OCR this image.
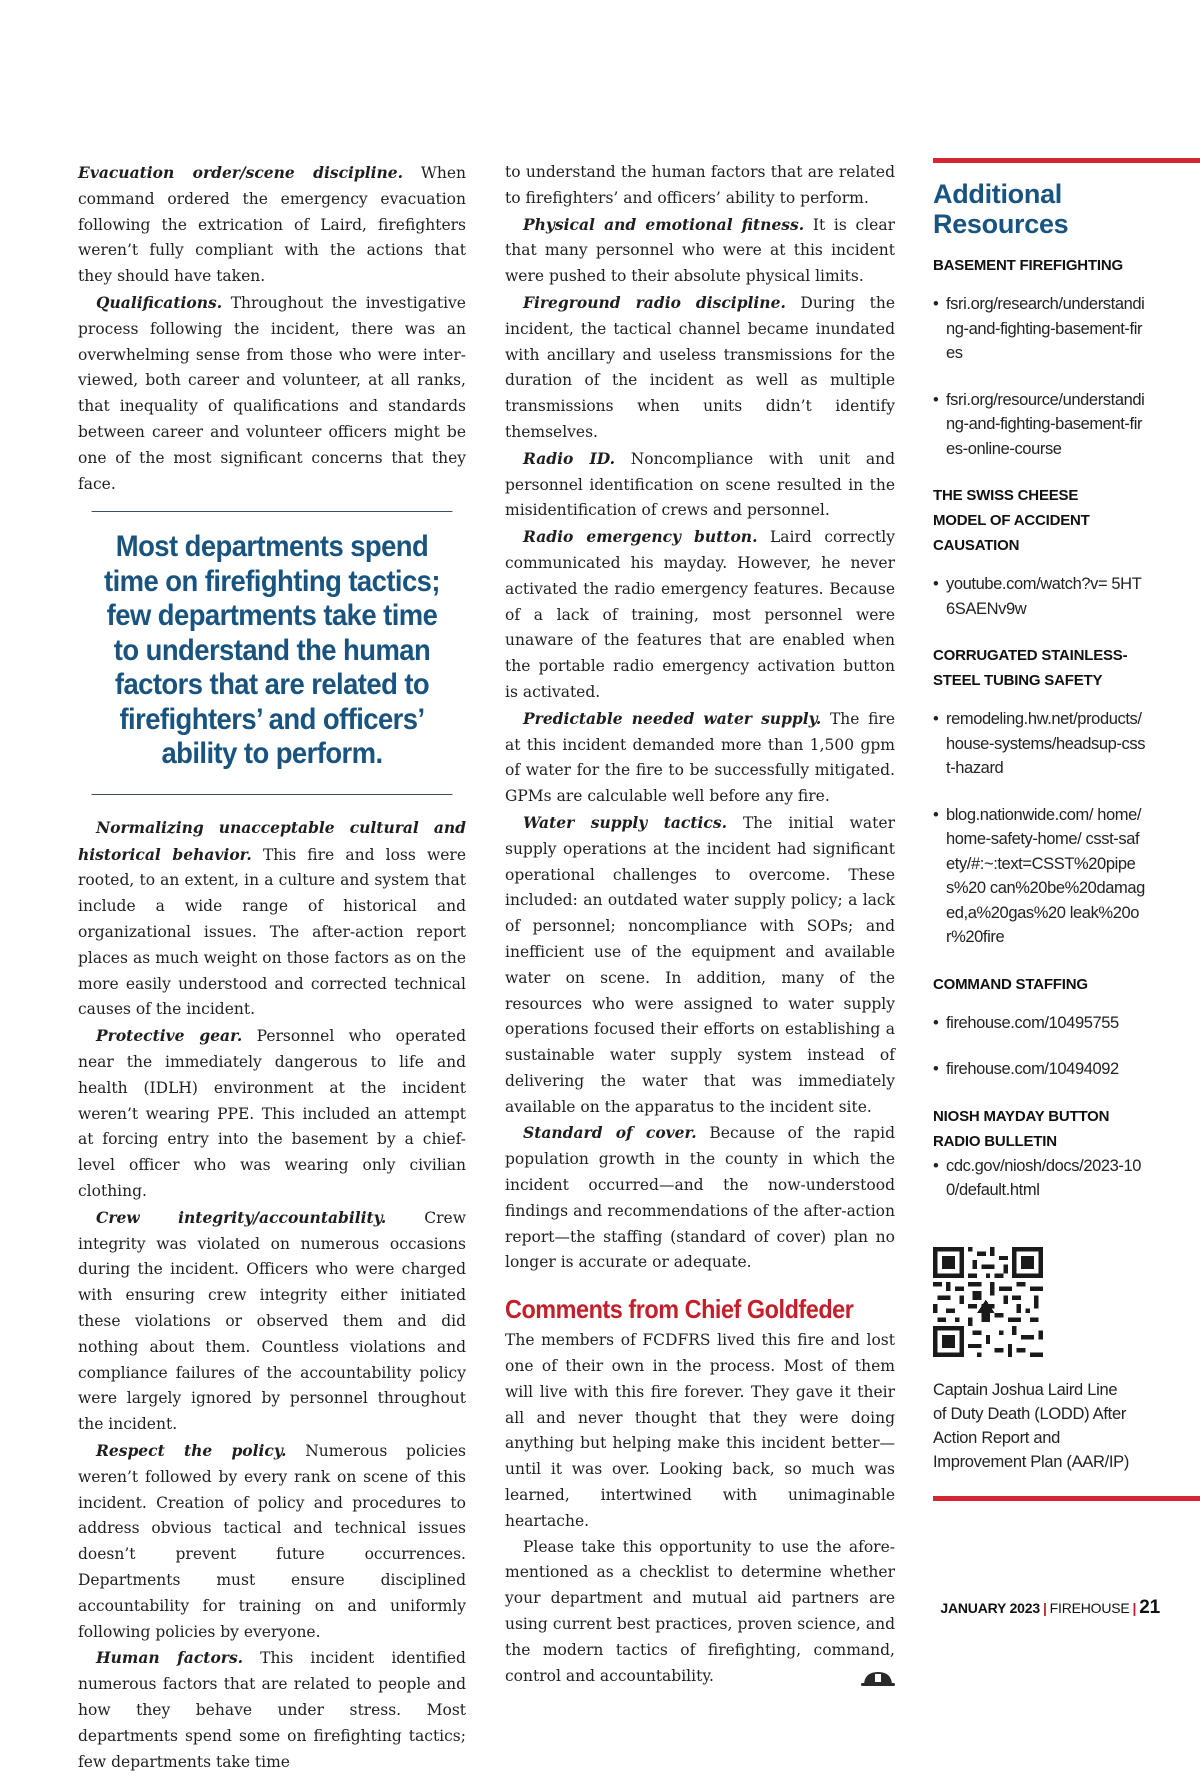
Evacuation order/scene discipline. When command ordered the emergency evacuation following the extrication of Laird, firefighters weren’t fully compliant with the actions that they should have taken.

Qualifications. Throughout the investigative process following the incident, there was an overwhelming sense from those who were interviewed, both career and volunteer, at all ranks, that inequality of qualifications and standards between career and volunteer officers might be one of the most significant concerns that they face.

Most departments spend time on firefighting tactics; few departments take time to understand the human factors that are related to firefighters’ and officers’ ability to perform.

Normalizing unacceptable cultural and historical behavior. This fire and loss were rooted, to an extent, in a culture and system that include a wide range of historical and organizational issues. The after-action report places as much weight on those factors as on the more easily understood and corrected technical causes of the incident.

Protective gear. Personnel who operated near the immediately dangerous to life and health (IDLH) environment at the incident weren’t wearing PPE. This included an attempt at forcing entry into the basement by a chief-level officer who was wearing only civilian clothing.

Crew integrity/accountability. Crew integrity was violated on numerous occasions during the incident. Officers who were charged with ensuring crew integrity either initiated these violations or observed them and did nothing about them. Countless violations and compliance failures of the accountability policy were largely ignored by personnel throughout the incident.

Respect the policy. Numerous policies weren’t followed by every rank on scene of this incident. Creation of policy and procedures to address obvious tactical and technical issues doesn’t prevent future occurrences. Departments must ensure disciplined accountability for training on and uniformly following policies by everyone.

Human factors. This incident identified numerous factors that are related to people and how they behave under stress. Most departments spend some on firefighting tactics; few departments take time

to understand the human factors that are related to firefighters’ and officers’ ability to perform.

Physical and emotional fitness. It is clear that many personnel who were at this incident were pushed to their absolute physical limits.

Fireground radio discipline. During the incident, the tactical channel became inundated with ancillary and useless transmissions for the duration of the incident as well as multiple transmissions when units didn’t identify themselves.

Radio ID. Noncompliance with unit and personnel identification on scene resulted in the misidentification of crews and personnel.

Radio emergency button. Laird correctly communicated his mayday. However, he never activated the radio emergency features. Because of a lack of training, most personnel were unaware of the features that are enabled when the portable radio emergency activation button is activated.

Predictable needed water supply. The fire at this incident demanded more than 1,500 gpm of water for the fire to be successfully mitigated. GPMs are calculable well before any fire.

Water supply tactics. The initial water supply operations at the incident had significant operational challenges to overcome. These included: an outdated water supply policy; a lack of personnel; noncompliance with SOPs; and inefficient use of the equipment and available water on scene. In addition, many of the resources who were assigned to water supply operations focused their efforts on establishing a sustainable water supply system instead of delivering the water that was immediately available on the apparatus to the incident site.

Standard of cover. Because of the rapid population growth in the county in which the incident occurred—and the now-understood findings and recommendations of the after-action report—the staffing (standard of cover) plan no longer is accurate or adequate.

Comments from Chief Goldfeder

The members of FCDFRS lived this fire and lost one of their own in the process. Most of them will live with this fire forever. They gave it their all and never thought that they were doing anything but helping make this incident better—until it was over. Looking back, so much was learned, intertwined with unimaginable heartache.

Please take this opportunity to use the aforementioned as a checklist to determine whether your department and mutual aid partners are using current best practices, proven science, and the modern tactics of firefighting, command, control and accountability.

Additional Resources
BASEMENT FIREFIGHTING
• fsri.org/research/understanding-and-fighting-basement-fires
• fsri.org/resource/understanding-and-fighting-basement-fires-online-course
THE SWISS CHEESE MODEL OF ACCIDENT CAUSATION
• youtube.com/watch?v= 5HT6SAENv9w
CORRUGATED STAINLESS-STEEL TUBING SAFETY
• remodeling.hw.net/products/house-systems/headsup-csst-hazard
• blog.nationwide.com/ home/home-safety-home/ csst-safety/#:~:text=CSST%20pipes%20 can%20be%20damaged,a%20gas%20 leak%20or%20fire
COMMAND STAFFING
• firehouse.com/10495755
• firehouse.com/10494092
NIOSH MAYDAY BUTTON RADIO BULLETIN
• cdc.gov/niosh/docs/2023-100/default.html
Captain Joshua Laird Line of Duty Death (LODD) After Action Report and Improvement Plan (AAR/IP)
JANUARY 2023 | FIREHOUSE | 21
